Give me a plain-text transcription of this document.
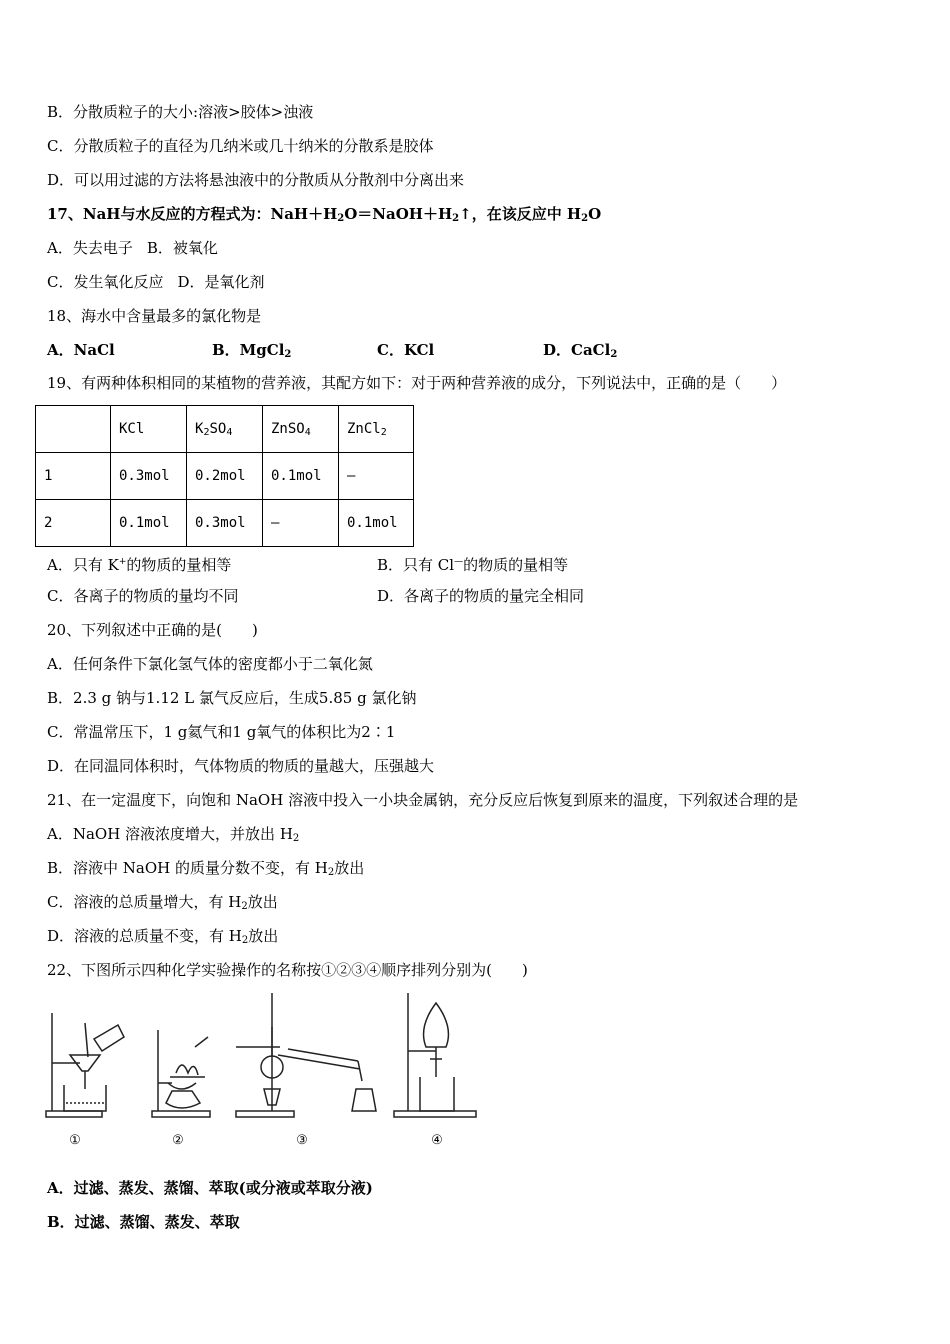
B．分散质粒子的大小:溶液>胶体>浊液
C．分散质粒子的直径为几纳米或几十纳米的分散系是胶体
D．可以用过滤的方法将悬浊液中的分散质从分散剂中分离出来
17、NaH与水反应的方程式为：$NaH+H_2O=NaOH+H_2↑$，在该反应中 $H_2O$
A．失去电子 B．被氧化
C．发生氧化反应 D．是氧化剂
18、海水中含量最多的氯化物是
A．NaCl	B．MgCl$_2$	C．KCl	D．CaCl$_2$
19、有两种体积相同的某植物的营养液，其配方如下：对于两种营养液的成分，下列说法中，正确的是（　　）
	KCl	$K_2SO_4$	ZnSO$_4$	ZnCl$_2$
1	0.3mol	0.2mol	0.1mol	—
2	0.1mol	0.3mol	—	0.1mol
A．只有 K+的物质的量相等	B．只有 Cl—的物质的量相等
C．各离子的物质的量均不同	D．各离子的物质的量完全相同
20、下列叙述中正确的是(　　)
A．任何条件下氯化氢气体的密度都小于二氧化氮
B．2.3 g 钠与1.12 L 氯气反应后，生成5.85 g 氯化钠
C．常温常压下，1 g氦气和1 g氧气的体积比为2∶1
D．在同温同体积时，气体物质的物质的量越大，压强越大
21、在一定温度下，向饱和 NaOH 溶液中投入一小块金属钠，充分反应后恢复到原来的温度，下列叙述合理的是
A．NaOH 溶液浓度增大，并放出 $H_2$
B．溶液中 NaOH 的质量分数不变，有 $H_2$放出
C．溶液的总质量增大，有 $H_2$放出
D．溶液的总质量不变，有 $H_2$放出
22、下图所示四种化学实验操作的名称按①②③④顺序排列分别为(　　)
①	②	③	④
A．过滤、蒸发、蒸馏、萃取(或分液或萃取分液)
B．过滤、蒸馏、蒸发、萃取
